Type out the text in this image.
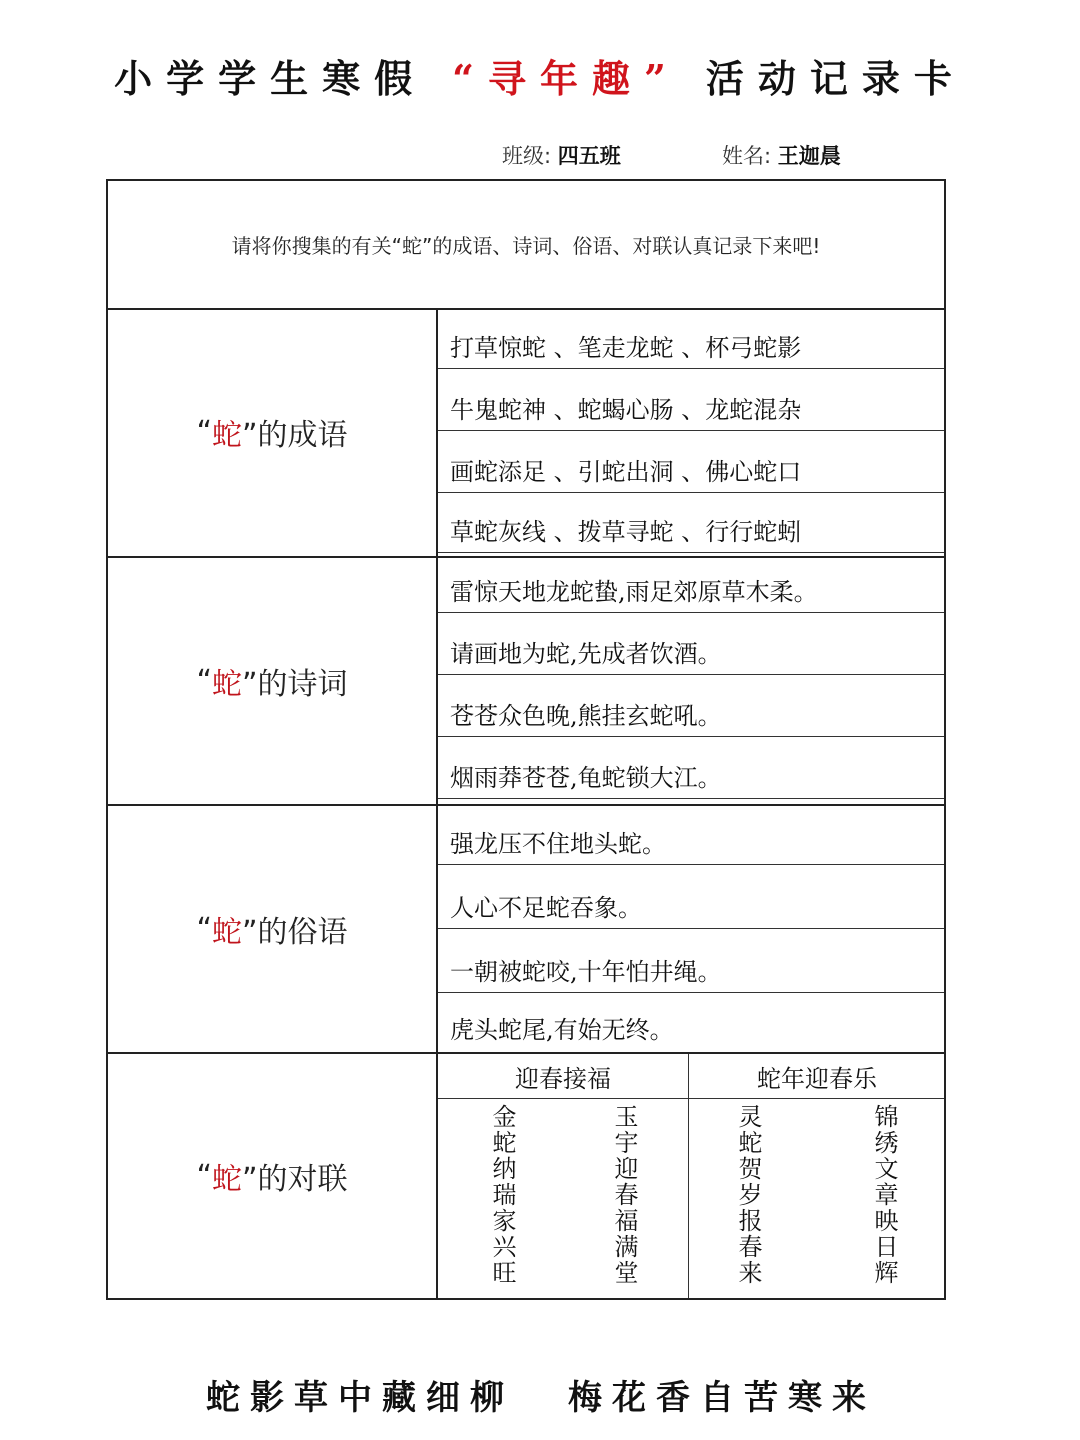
小学学生寒假 “寻年趣” 活动记录卡
班级: 四五班	姓名: 王迦晨
请将你搜集的有关“蛇”的成语、诗词、俗语、对联认真记录下来吧!
“ 蛇 ”的成语
打草惊蛇 、笔走龙蛇 、杯弓蛇影
牛鬼蛇神 、蛇蝎心肠 、龙蛇混杂
画蛇添足 、引蛇出洞 、佛心蛇口
草蛇灰线 、拨草寻蛇 、行行蛇蚓
“ 蛇 ”的诗词
雷惊天地龙蛇蛰,雨足郊原草木柔。
请画地为蛇,先成者饮酒。
苍苍众色晚,熊挂玄蛇吼。
烟雨莽苍苍,龟蛇锁大江。
“ 蛇 ”的俗语
强龙压不住地头蛇。
人心不足蛇吞象。
一朝被蛇咬,十年怕井绳。
虎头蛇尾,有始无终。
“ 蛇 ”的对联
迎春接福	蛇年迎春乐
金蛇纳瑞家兴旺	玉宇迎春福满堂	灵蛇贺岁报春来	锦绣文章映日辉
蛇影草中藏细柳 梅花香自苦寒来
